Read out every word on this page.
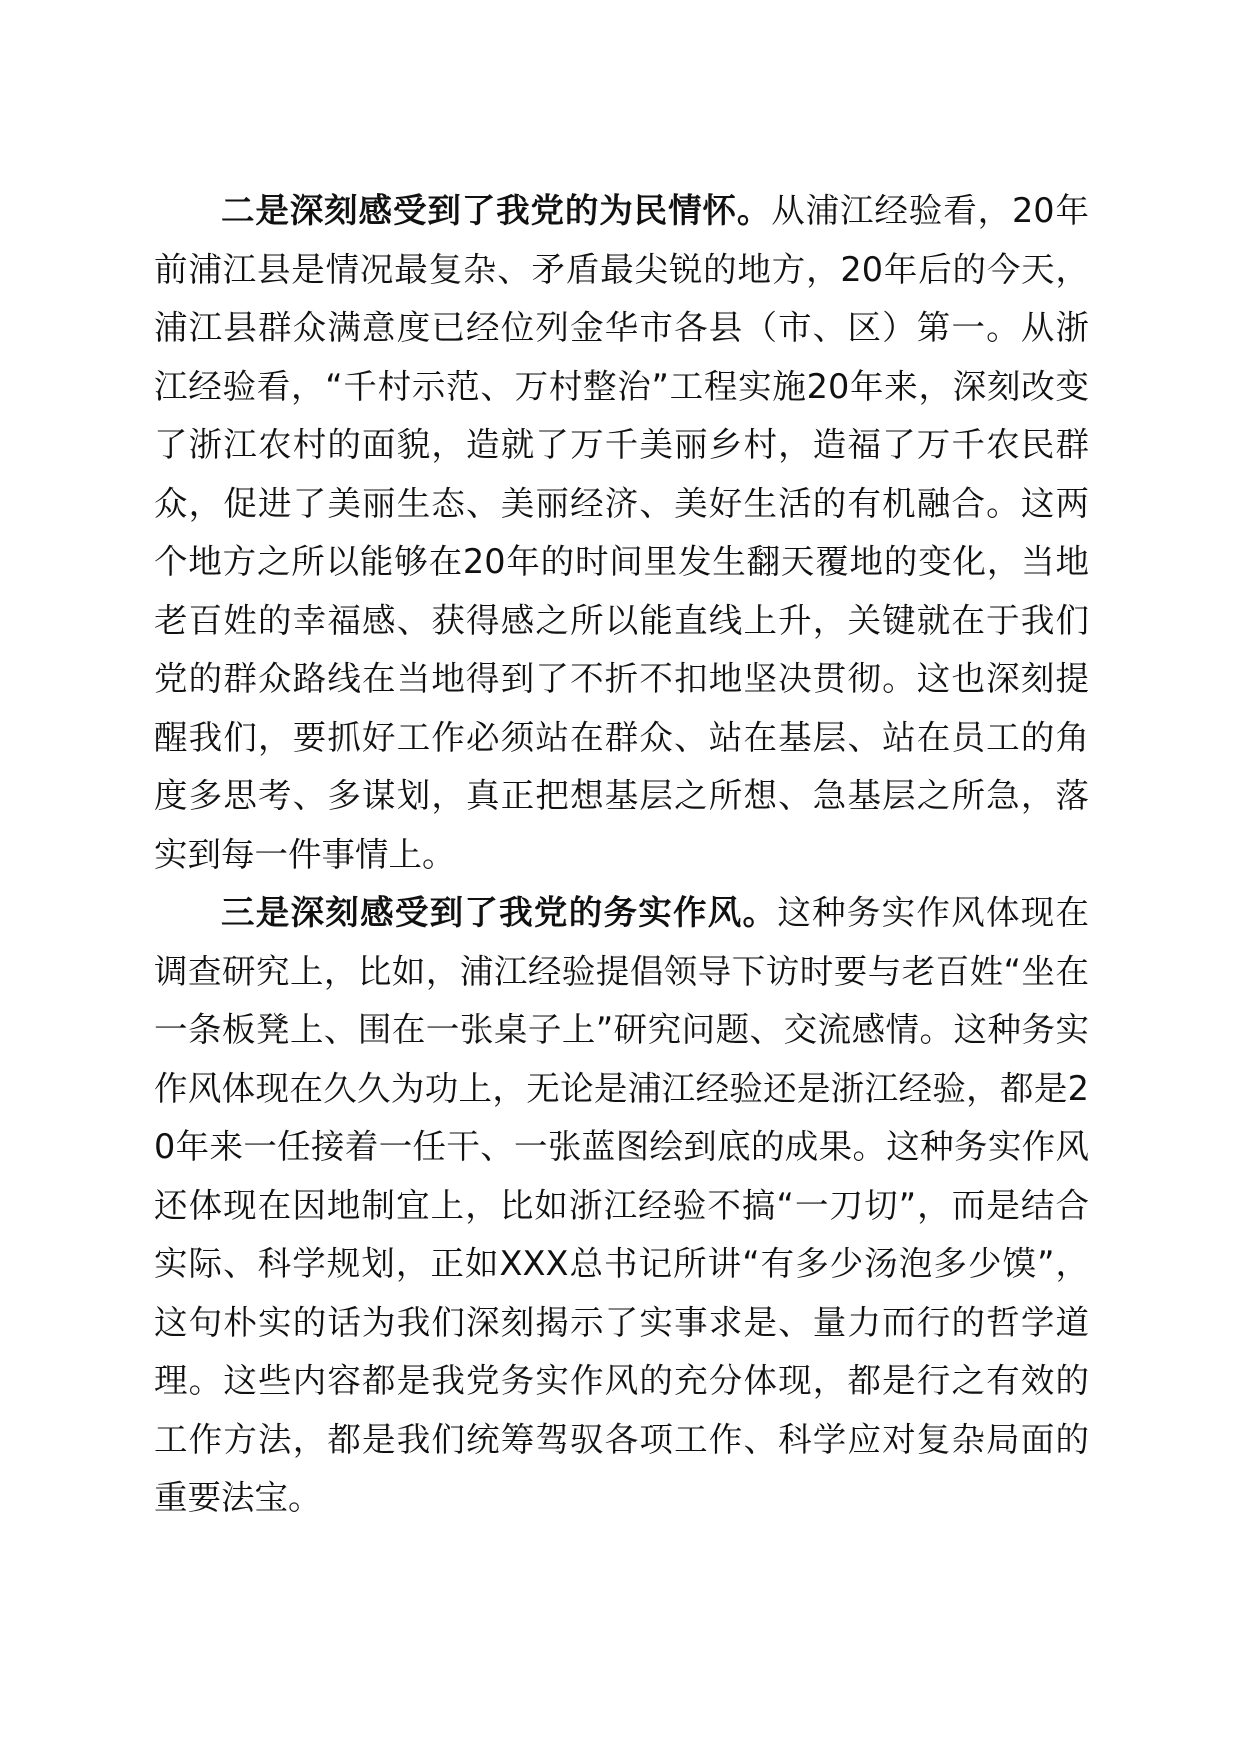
二是深刻感受到了我党的为民情怀。从浦江经验看，20年前浦江县是情况最复杂、矛盾最尖锐的地方，20年后的今天，浦江县群众满意度已经位列金华市各县（市、区）第一。从浙江经验看，“千村示范、万村整治”工程实施20年来，深刻改变了浙江农村的面貌，造就了万千美丽乡村，造福了万千农民群众，促进了美丽生态、美丽经济、美好生活的有机融合。这两个地方之所以能够在20年的时间里发生翻天覆地的变化，当地老百姓的幸福感、获得感之所以能直线上升，关键就在于我们党的群众路线在当地得到了不折不扣地坚决贯彻。这也深刻提醒我们，要抓好工作必须站在群众、站在基层、站在员工的角度多思考、多谋划，真正把想基层之所想、急基层之所急，落实到每一件事情上。

三是深刻感受到了我党的务实作风。这种务实作风体现在调查研究上，比如，浦江经验提倡领导下访时要与老百姓“坐在一条板凳上、围在一张桌子上”研究问题、交流感情。这种务实作风体现在久久为功上，无论是浦江经验还是浙江经验，都是20年来一任接着一任干、一张蓝图绘到底的成果。这种务实作风还体现在因地制宜上，比如浙江经验不搞“一刀切”，而是结合实际、科学规划，正如XXX总书记所讲“有多少汤泡多少馍”，这句朴实的话为我们深刻揭示了实事求是、量力而行的哲学道理。这些内容都是我党务实作风的充分体现，都是行之有效的工作方法，都是我们统筹驾驭各项工作、科学应对复杂局面的重要法宝。
